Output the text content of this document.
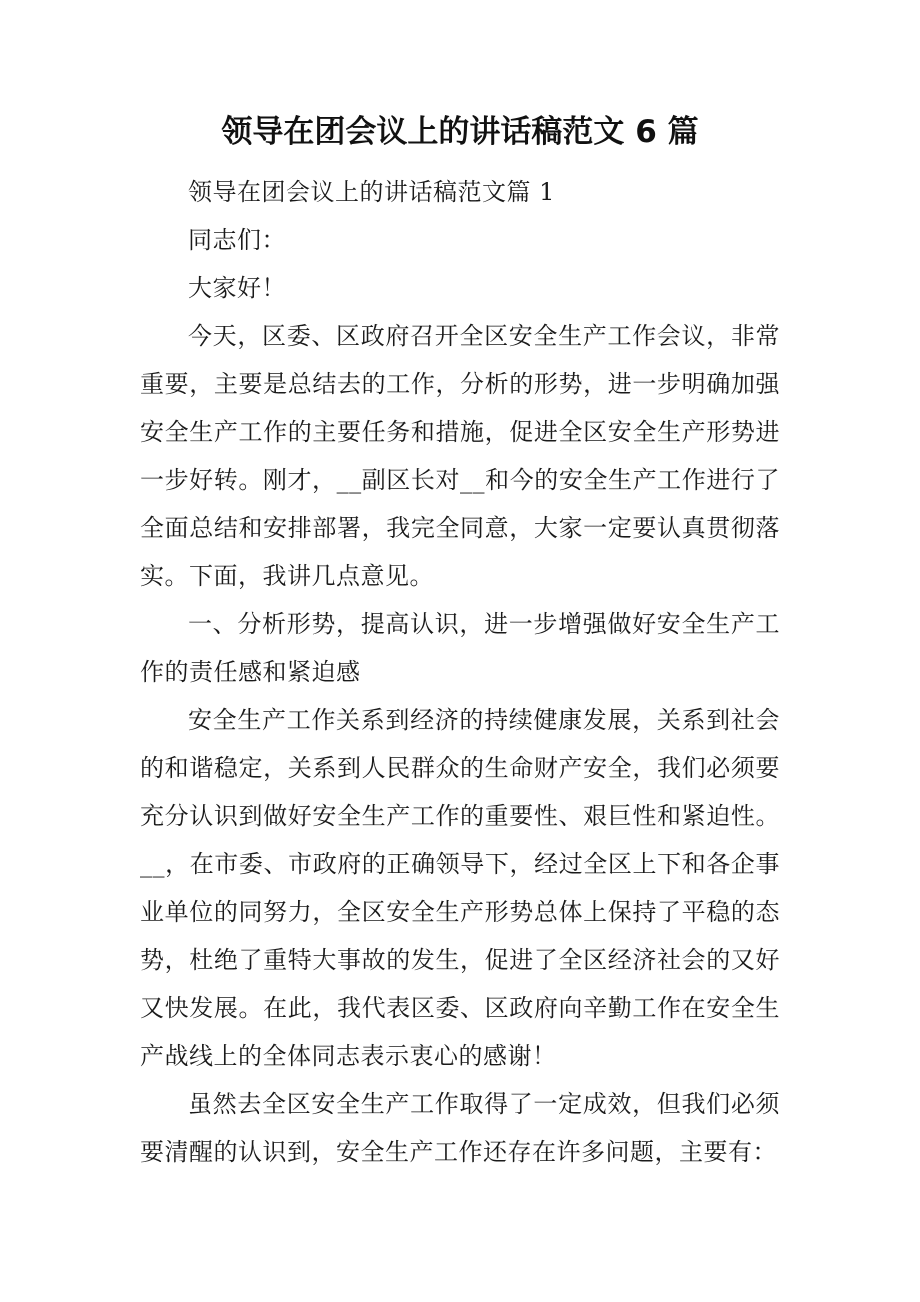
领导在团会议上的讲话稿范文 6 篇

领导在团会议上的讲话稿范文篇 1

同志们：

大家好！

今天，区委、区政府召开全区安全生产工作会议，非常重要，主要是总结去的工作，分析的形势，进一步明确加强安全生产工作的主要任务和措施，促进全区安全生产形势进一步好转。刚才，__副区长对__和今的安全生产工作进行了全面总结和安排部署，我完全同意，大家一定要认真贯彻落实。下面，我讲几点意见。

一、分析形势，提高认识，进一步增强做好安全生产工作的责任感和紧迫感

安全生产工作关系到经济的持续健康发展，关系到社会的和谐稳定，关系到人民群众的生命财产安全，我们必须要充分认识到做好安全生产工作的重要性、艰巨性和紧迫性。__，在市委、市政府的正确领导下，经过全区上下和各企事业单位的同努力，全区安全生产形势总体上保持了平稳的态势，杜绝了重特大事故的发生，促进了全区经济社会的又好又快发展。在此，我代表区委、区政府向辛勤工作在安全生产战线上的全体同志表示衷心的感谢！

虽然去全区安全生产工作取得了一定成效，但我们必须要清醒的认识到，安全生产工作还存在许多问题，主要有：
